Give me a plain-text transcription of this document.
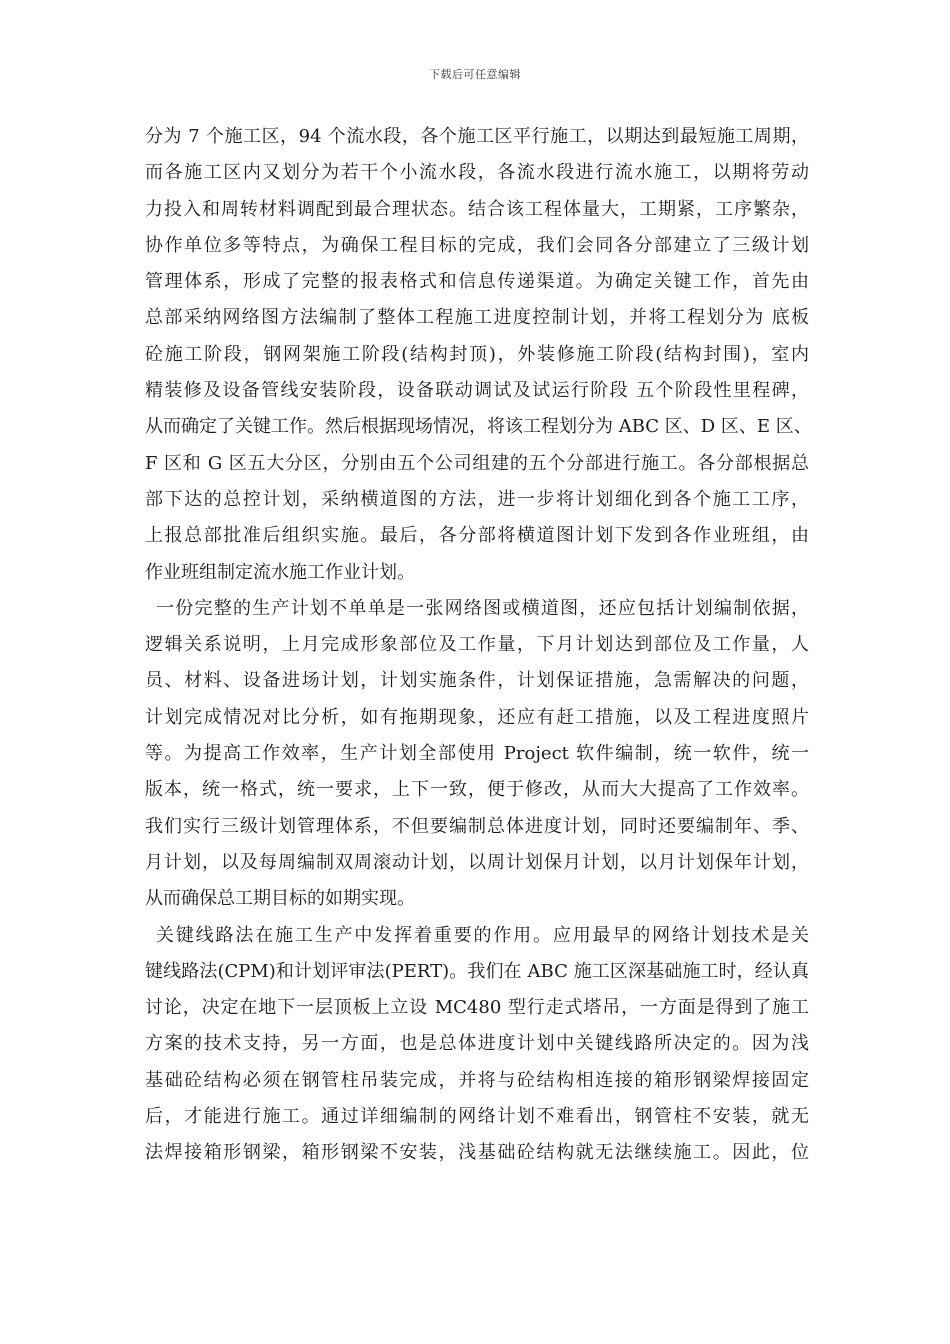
下载后可任意编辑
分为 7 个施工区，94 个流水段，各个施工区平行施工，以期达到最短施工周期，
而各施工区内又划分为若干个小流水段，各流水段进行流水施工，以期将劳动
力投入和周转材料调配到最合理状态。结合该工程体量大，工期紧，工序繁杂，
协作单位多等特点，为确保工程目标的完成，我们会同各分部建立了三级计划
管理体系，形成了完整的报表格式和信息传递渠道。为确定关键工作，首先由
总部采纳网络图方法编制了整体工程施工进度控制计划，并将工程划分为 底板
砼施工阶段，钢网架施工阶段(结构封顶)，外装修施工阶段(结构封围)，室内
精装修及设备管线安装阶段，设备联动调试及试运行阶段 五个阶段性里程碑，
从而确定了关键工作。然后根据现场情况，将该工程划分为 ABC 区、D 区、E 区、
F 区和 G 区五大分区，分别由五个公司组建的五个分部进行施工。各分部根据总
部下达的总控计划，采纳横道图的方法，进一步将计划细化到各个施工工序，
上报总部批准后组织实施。最后，各分部将横道图计划下发到各作业班组，由
作业班组制定流水施工作业计划。
一份完整的生产计划不单单是一张网络图或横道图，还应包括计划编制依据，
逻辑关系说明，上月完成形象部位及工作量，下月计划达到部位及工作量，人
员、材料、设备进场计划，计划实施条件，计划保证措施，急需解决的问题，
计划完成情况对比分析，如有拖期现象，还应有赶工措施，以及工程进度照片
等。为提高工作效率，生产计划全部使用 Project 软件编制，统一软件，统一
版本，统一格式，统一要求，上下一致，便于修改，从而大大提高了工作效率。
我们实行三级计划管理体系，不但要编制总体进度计划，同时还要编制年、季、
月计划，以及每周编制双周滚动计划，以周计划保月计划，以月计划保年计划，
从而确保总工期目标的如期实现。
关键线路法在施工生产中发挥着重要的作用。应用最早的网络计划技术是关
键线路法(CPM)和计划评审法(PERT)。我们在 ABC 施工区深基础施工时，经认真
讨论，决定在地下一层顶板上立设 MC480 型行走式塔吊，一方面是得到了施工
方案的技术支持，另一方面，也是总体进度计划中关键线路所决定的。因为浅
基础砼结构必须在钢管柱吊装完成，并将与砼结构相连接的箱形钢梁焊接固定
后，才能进行施工。通过详细编制的网络计划不难看出，钢管柱不安装，就无
法焊接箱形钢梁，箱形钢梁不安装，浅基础砼结构就无法继续施工。因此，位
